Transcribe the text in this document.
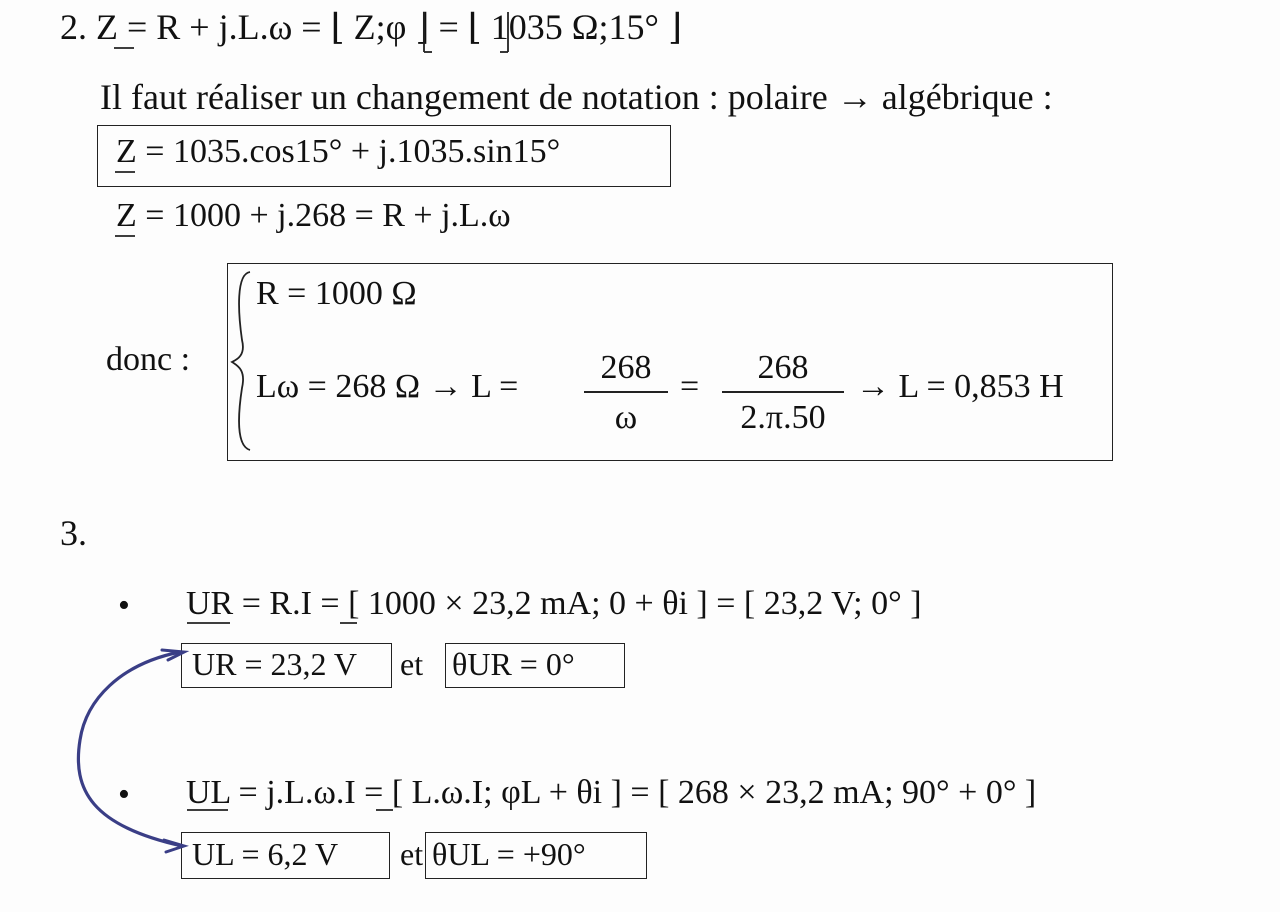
2. Z = R + j.L.ω = ⌊ Z;φ ⌋ = ⌊ 1035 Ω;15° ⌋
Il faut réaliser un changement de notation : polaire → algébrique :
Z = 1035.cos15° + j.1035.sin15°
Z = 1000 + j.268 = R + j.L.ω
donc :
R = 1000 Ω
Lω = 268 Ω → L =
268
ω
=
268
2.π.50
→ L = 0,853 H
3.
• UR = R.I = [ 1000 × 23,2 mA; 0 + θi ] = [ 23,2 V; 0° ]
UR = 23,2 V et θUR = 0°
• UL = j.L.ω.I = [ L.ω.I; φL + θi ] = [ 268 × 23,2 mA; 90° + 0° ]
UL = 6,2 V et θUL = +90°
